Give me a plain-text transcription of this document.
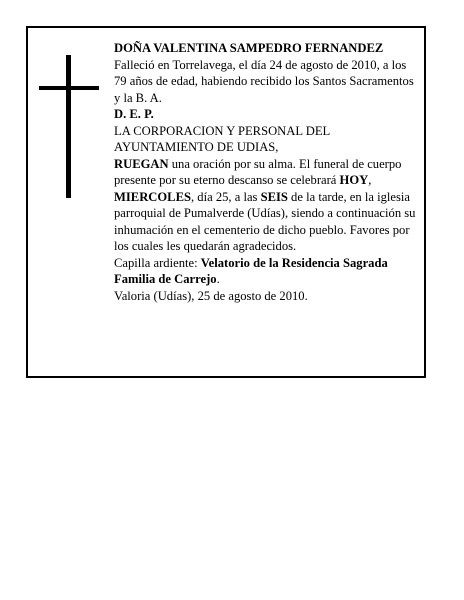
DOÑA VALENTINA SAMPEDRO FERNANDEZ

Falleció en Torrelavega, el día 24 de agosto de 2010, a los 79 años de edad, habiendo recibido los Santos Sacramentos y la B. A.

D. E. P.

LA CORPORACION Y PERSONAL DEL AYUNTAMIENTO DE UDIAS,

RUEGAN una oración por su alma. El funeral de cuerpo presente por su eterno descanso se celebrará HOY, MIERCOLES, día 25, a las SEIS de la tarde, en la iglesia parroquial de Pumalverde (Udías), siendo a continuación su inhumación en el cementerio de dicho pueblo. Favores por los cuales les quedarán agradecidos.

Capilla ardiente: Velatorio de la Residencia Sagrada Familia de Carrejo.

Valoria (Udías), 25 de agosto de 2010.
